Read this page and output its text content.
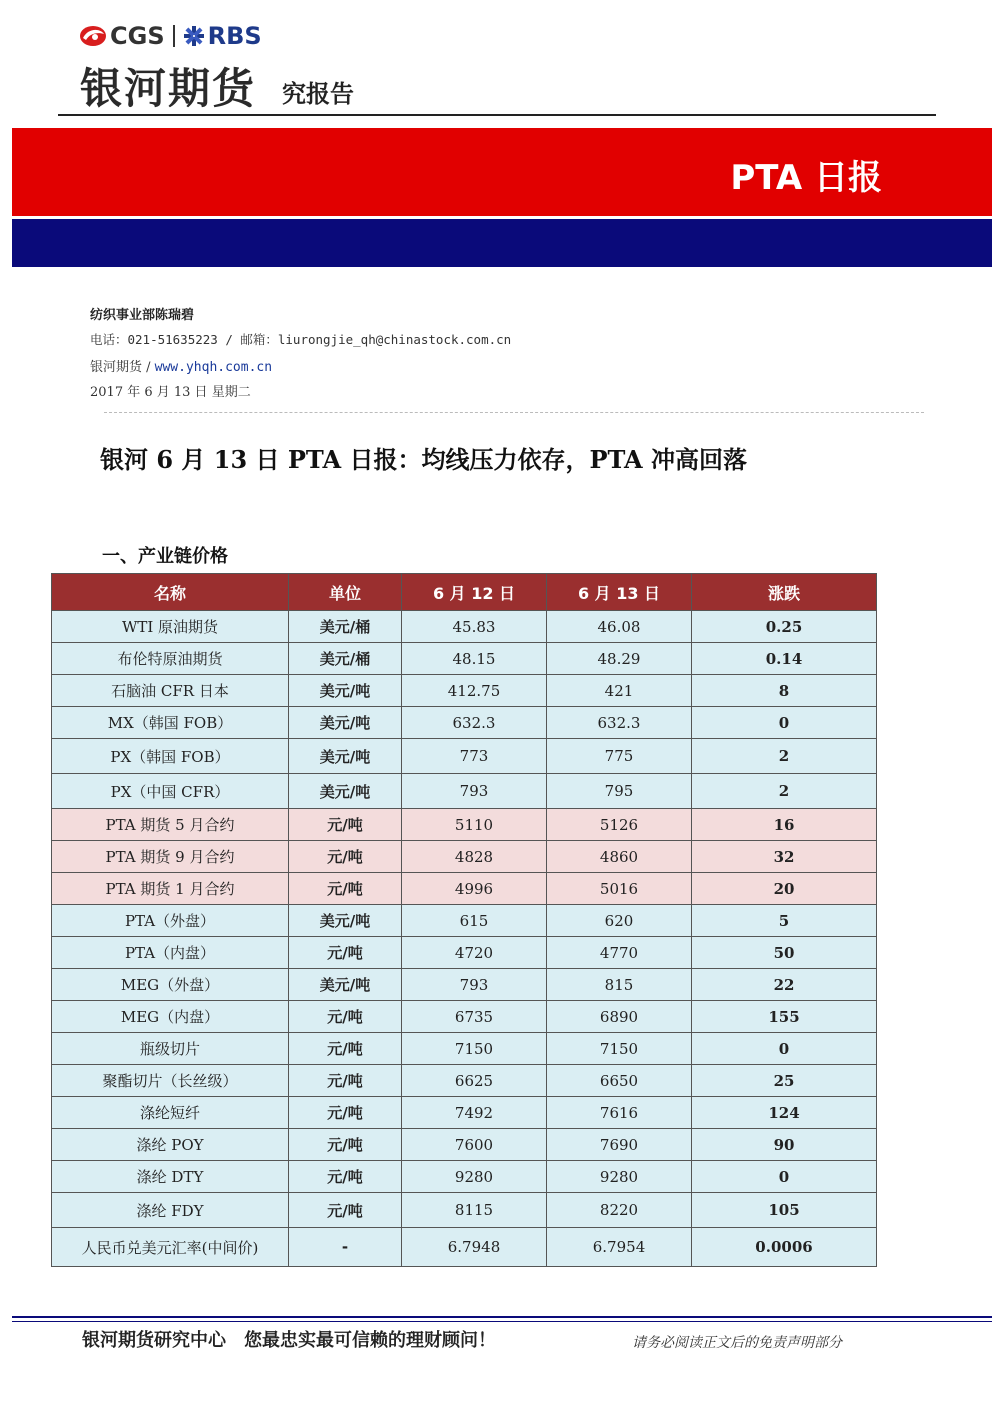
CGS RBS
银河期货 究报告
PTA 日报
纺织事业部陈瑞碧
电话：021-51635223 / 邮箱：liurongjie_qh@chinastock.com.cn
银河期货 / www.yhqh.com.cn
2017 年 6 月 13 日 星期二
银河 6 月 13 日 PTA 日报：均线压力依存，PTA 冲高回落
一、产业链价格
名称	单位	6 月 12 日	6 月 13 日	涨跌
WTI 原油期货	美元/桶	45.83	46.08	0.25
布伦特原油期货	美元/桶	48.15	48.29	0.14
石脑油 CFR 日本	美元/吨	412.75	421	8
MX（韩国 FOB）	美元/吨	632.3	632.3	0
PX（韩国 FOB）	美元/吨	773	775	2
PX（中国 CFR）	美元/吨	793	795	2
PTA 期货 5 月合约	元/吨	5110	5126	16
PTA 期货 9 月合约	元/吨	4828	4860	32
PTA 期货 1 月合约	元/吨	4996	5016	20
PTA（外盘）	美元/吨	615	620	5
PTA（内盘）	元/吨	4720	4770	50
MEG（外盘）	美元/吨	793	815	22
MEG（内盘）	元/吨	6735	6890	155
瓶级切片	元/吨	7150	7150	0
聚酯切片（长丝级）	元/吨	6625	6650	25
涤纶短纤	元/吨	7492	7616	124
涤纶 POY	元/吨	7600	7690	90
涤纶 DTY	元/吨	9280	9280	0
涤纶 FDY	元/吨	8115	8220	105
人民币兑美元汇率(中间价)	-	6.7948	6.7954	0.0006
银河期货研究中心　您最忠实最可信赖的理财顾问！	请务必阅读正文后的免责声明部分
